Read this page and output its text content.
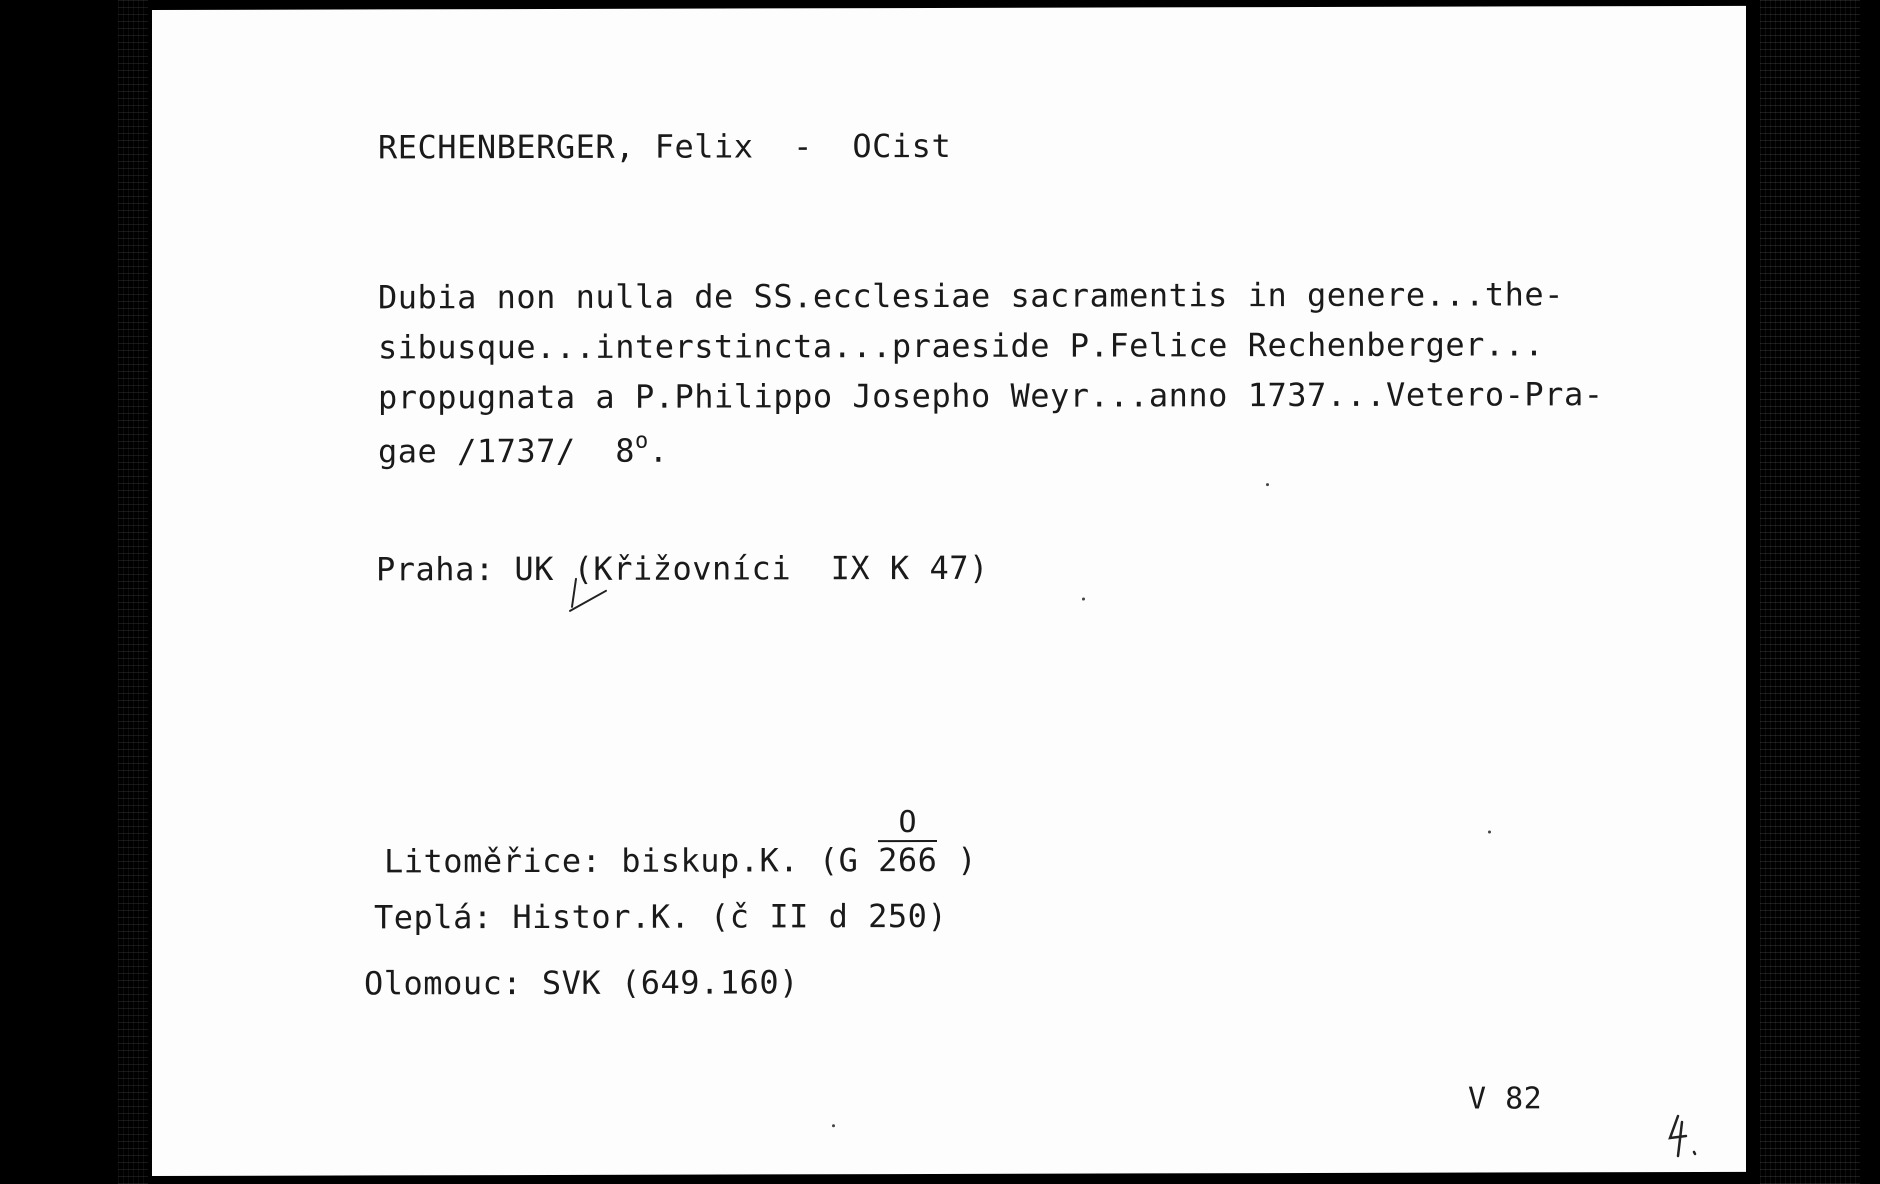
RECHENBERGER, Felix  -  OCist
Dubia non nulla de SS.ecclesiae sacramentis in genere...the-
sibusque...interstincta...praeside P.Felice Rechenberger...
propugnata a P.Philippo Josepho Weyr...anno 1737...Vetero-Pra-
gae /1737/  8$^o$.
Praha: UK (Křižovníci  IX K 47)
Litoměřice: biskup.K. ($G \frac{O}{266}$ )
Teplá: Histor.K. (č II d 250)
Olomouc: SVK (649.160)
V 82
